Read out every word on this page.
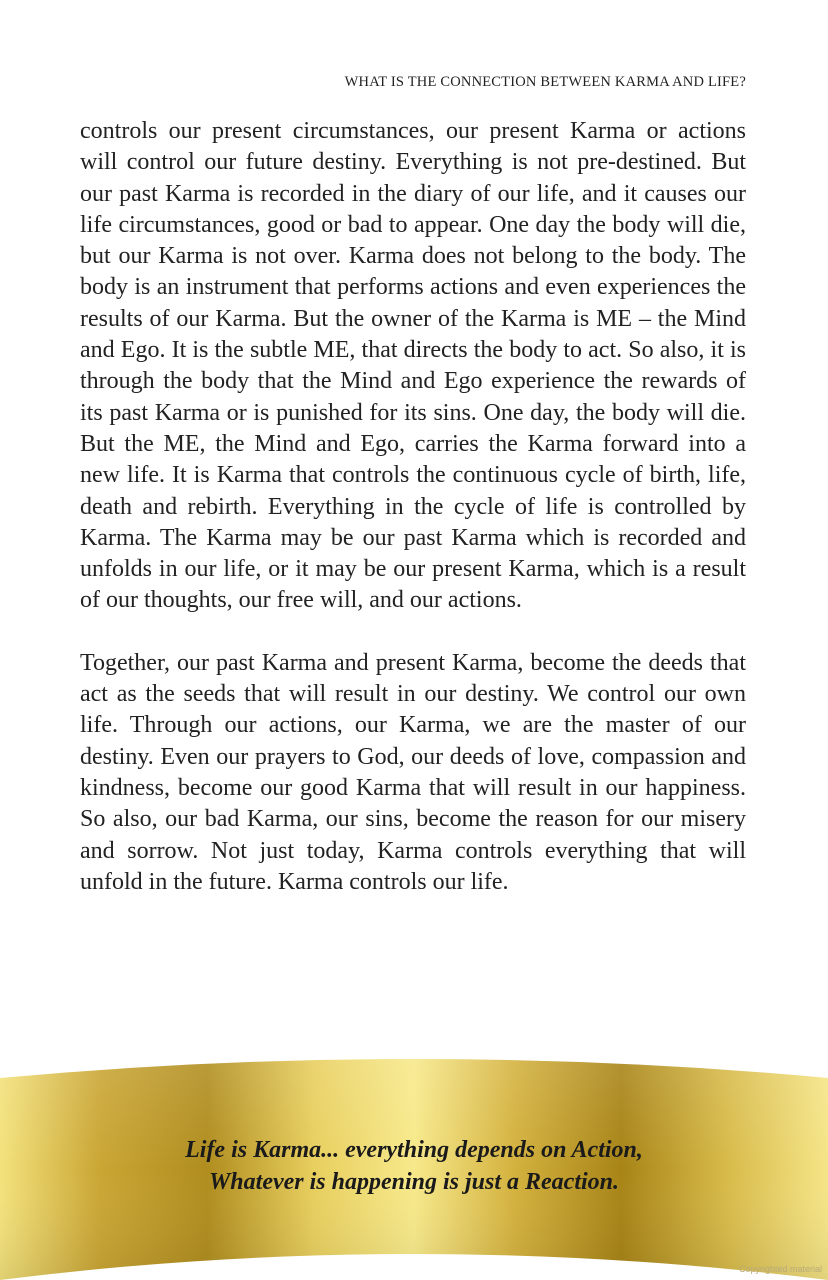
WHAT IS THE CONNECTION BETWEEN KARMA AND LIFE?

controls our present circumstances, our present Karma or actions will control our future destiny. Everything is not pre-destined. But our past Karma is recorded in the diary of our life, and it causes our life circumstances, good or bad to appear. One day the body will die, but our Karma is not over. Karma does not belong to the body. The body is an instrument that performs actions and even experiences the results of our Karma. But the owner of the Karma is ME – the Mind and Ego. It is the subtle ME, that directs the body to act. So also, it is through the body that the Mind and Ego experience the rewards of its past Karma or is punished for its sins. One day, the body will die. But the ME, the Mind and Ego, carries the Karma forward into a new life. It is Karma that controls the continuous cycle of birth, life, death and rebirth. Everything in the cycle of life is controlled by Karma. The Karma may be our past Karma which is recorded and unfolds in our life, or it may be our present Karma, which is a result of our thoughts, our free will, and our actions.

Together, our past Karma and present Karma, become the deeds that act as the seeds that will result in our destiny. We control our own life. Through our actions, our Karma, we are the master of our destiny. Even our prayers to God, our deeds of love, compassion and kindness, become our good Karma that will result in our happiness. So also, our bad Karma, our sins, become the reason for our misery and sorrow. Not just today, Karma controls everything that will unfold in the future. Karma controls our life.

Life is Karma... everything depends on Action,
Whatever is happening is just a Reaction.
Copyrighted material
